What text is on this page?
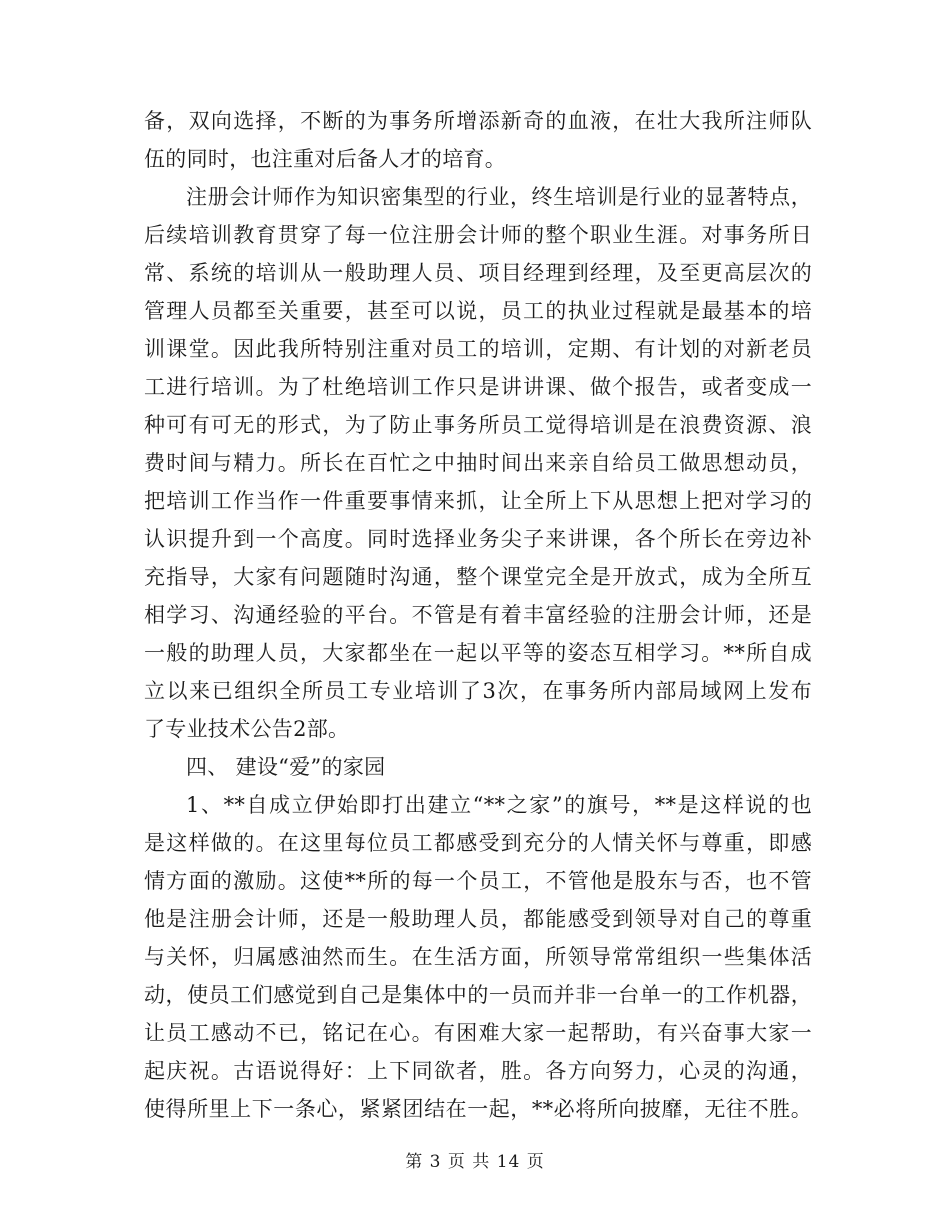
备，双向选择，不断的为事务所增添新奇的血液，在壮大我所注师队
伍的同时，也注重对后备人才的培育。
注册会计师作为知识密集型的行业，终生培训是行业的显著特点，
后续培训教育贯穿了每一位注册会计师的整个职业生涯。对事务所日
常、系统的培训从一般助理人员、项目经理到经理，及至更高层次的
管理人员都至关重要，甚至可以说，员工的执业过程就是最基本的培
训课堂。因此我所特别注重对员工的培训，定期、有计划的对新老员
工进行培训。为了杜绝培训工作只是讲讲课、做个报告，或者变成一
种可有可无的形式，为了防止事务所员工觉得培训是在浪费资源、浪
费时间与精力。所长在百忙之中抽时间出来亲自给员工做思想动员，
把培训工作当作一件重要事情来抓，让全所上下从思想上把对学习的
认识提升到一个高度。同时选择业务尖子来讲课，各个所长在旁边补
充指导，大家有问题随时沟通，整个课堂完全是开放式，成为全所互
相学习、沟通经验的平台。不管是有着丰富经验的注册会计师，还是
一般的助理人员，大家都坐在一起以平等的姿态互相学习。**所自成
立以来已组织全所员工专业培训了3次，在事务所内部局域网上发布
了专业技术公告2部。
四、 建设“爱”的家园
1、**自成立伊始即打出建立“**之家”的旗号，**是这样说的也
是这样做的。在这里每位员工都感受到充分的人情关怀与尊重，即感
情方面的激励。这使**所的每一个员工，不管他是股东与否，也不管
他是注册会计师，还是一般助理人员，都能感受到领导对自己的尊重
与关怀，归属感油然而生。在生活方面，所领导常常组织一些集体活
动，使员工们感觉到自己是集体中的一员而并非一台单一的工作机器，
让员工感动不已，铭记在心。有困难大家一起帮助，有兴奋事大家一
起庆祝。古语说得好：上下同欲者，胜。各方向努力，心灵的沟通，
使得所里上下一条心，紧紧团结在一起，**必将所向披靡，无往不胜。
第 3 页 共 14 页
